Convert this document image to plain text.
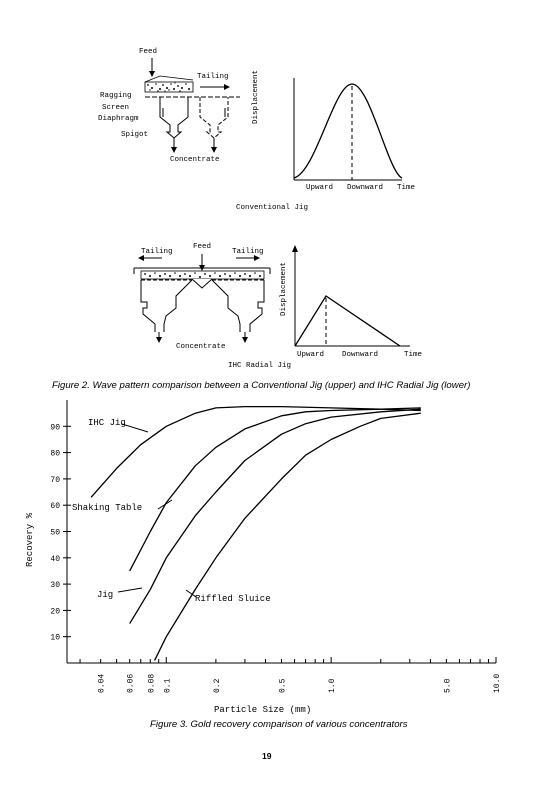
Feed
Tailing
Ragging
Screen
Diaphragm
Spigot
Concentrate
Displacement
Upward Downward Time
Conventional Jig
Feed
Tailing	Tailing
Concentrate
Displacement
Upward Downward	Time
IHC Radial Jig
Figure 2. Wave pattern comparison between a Conventional Jig (upper) and IHC Radial Jig (lower)
10
20
30
40
50
60
70
80
90
0.04	0.06 0.08 0.1	0.2	0.5	1.0	5.0	10.0
IHC Jig
Shaking Table
Jig	Riffled Sluice
Recovery %
Particle Size (mm)
Figure 3. Gold recovery comparison of various concentrators
19
